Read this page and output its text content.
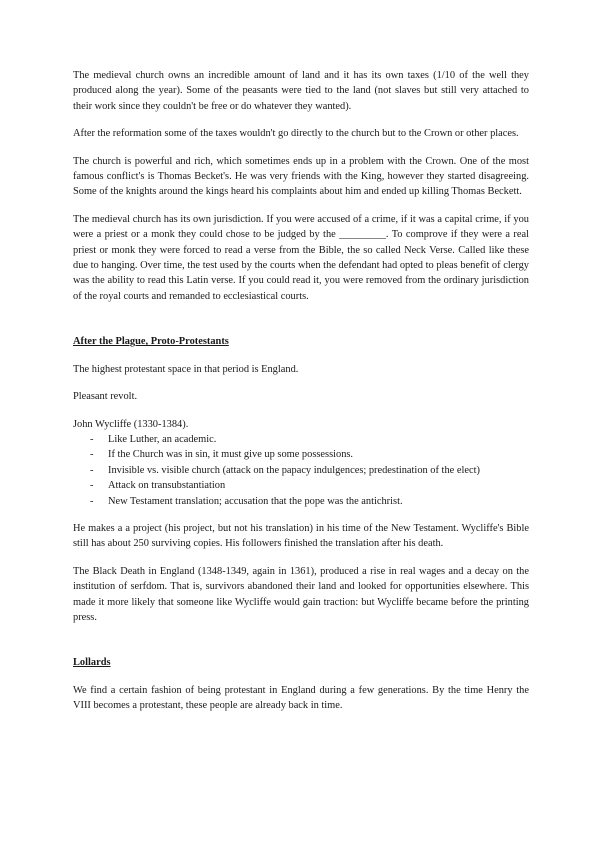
The medieval church owns an incredible amount of land and it has its own taxes (1/10 of the well they produced along the year). Some of the peasants were tied to the land (not slaves but still very attached to their work since they couldn't be free or do whatever they wanted).

After the reformation some of the taxes wouldn't go directly to the church but to the Crown or other places.

The church is powerful and rich, which sometimes ends up in a problem with the Crown. One of the most famous conflict's is Thomas Becket's. He was very friends with the King, however they started disagreeing. Some of the knights around the kings heard his complaints about him and ended up killing Thomas Beckett.

The medieval church has its own jurisdiction. If you were accused of a crime, if it was a capital crime, if you were a priest or a monk they could chose to be judged by the _________. To comprove if they were a real priest or monk they were forced to read a verse from the Bible, the so called Neck Verse. Called like these due to hanging. Over time, the test used by the courts when the defendant had opted to pleas benefit of clergy was the ability to read this Latin verse. If you could read it, you were removed from the ordinary jurisdiction of the royal courts and remanded to ecclesiastical courts.

After the Plague, Proto-Protestants

The highest protestant space in that period is England.

Pleasant revolt.

John Wycliffe (1330-1384).

- Like Luther, an academic.
- If the Church was in sin, it must give up some possessions.
- Invisible vs. visible church (attack on the papacy indulgences; predestination of the elect)
- Attack on transubstantiation
- New Testament translation; accusation that the pope was the antichrist.

He makes a a project (his project, but not his translation) in his time of the New Testament. Wycliffe's Bible still has about 250 surviving copies. His followers finished the translation after his death.

The Black Death in England (1348-1349, again in 1361), produced a rise in real wages and a decay on the institution of serfdom. That is, survivors abandoned their land and looked for opportunities elsewhere. This made it more likely that someone like Wycliffe would gain traction: but Wycliffe became before the printing press.

Lollards

We find a certain fashion of being protestant in England during a few generations. By the time Henry the VIII becomes a protestant, these people are already back in time.
